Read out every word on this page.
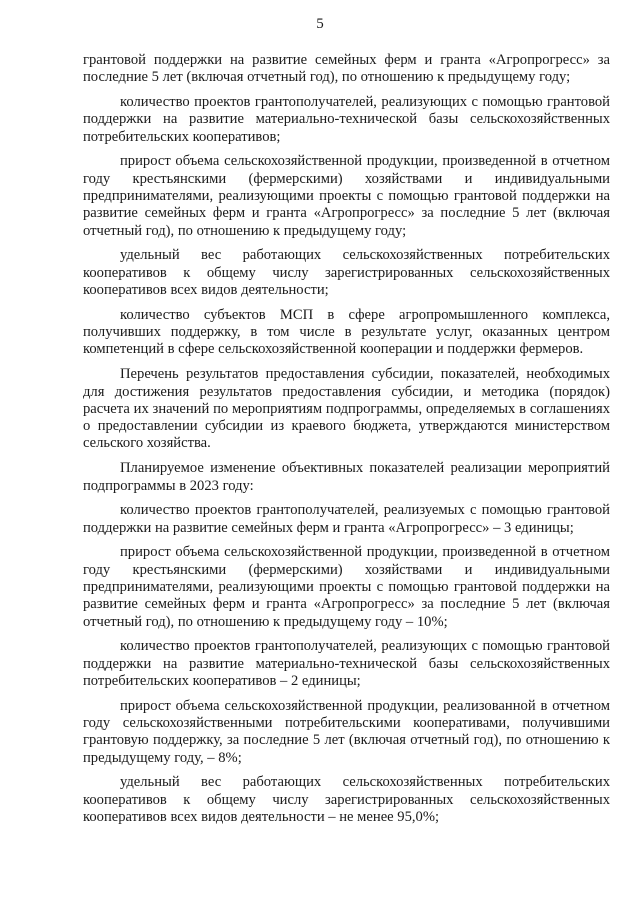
5

грантовой поддержки на развитие семейных ферм и гранта «Агропрогресс» за последние 5 лет (включая отчетный год), по отношению к предыдущему году;

количество проектов грантополучателей, реализующих с помощью грантовой поддержки на развитие материально-технической базы сельскохозяйственных потребительских кооперативов;

прирост объема сельскохозяйственной продукции, произведенной в отчетном году крестьянскими (фермерскими) хозяйствами и индивидуальными предпринимателями, реализующими проекты с помощью грантовой поддержки на развитие семейных ферм и гранта «Агропрогресс» за последние 5 лет (включая отчетный год), по отношению к предыдущему году;

удельный вес работающих сельскохозяйственных потребительских кооперативов к общему числу зарегистрированных сельскохозяйственных кооперативов всех видов деятельности;

количество субъектов МСП в сфере агропромышленного комплекса, получивших поддержку, в том числе в результате услуг, оказанных центром компетенций в сфере сельскохозяйственной кооперации и поддержки фермеров.

Перечень результатов предоставления субсидии, показателей, необходимых для достижения результатов предоставления субсидии, и методика (порядок) расчета их значений по мероприятиям подпрограммы, определяемых в соглашениях о предоставлении субсидии из краевого бюджета, утверждаются министерством сельского хозяйства.

Планируемое изменение объективных показателей реализации мероприятий подпрограммы в 2023 году:

количество проектов грантополучателей, реализуемых с помощью грантовой поддержки на развитие семейных ферм и гранта «Агропрогресс» – 3 единицы;

прирост объема сельскохозяйственной продукции, произведенной в отчетном году крестьянскими (фермерскими) хозяйствами и индивидуальными предпринимателями, реализующими проекты с помощью грантовой поддержки на развитие семейных ферм и гранта «Агропрогресс» за последние 5 лет (включая отчетный год), по отношению к предыдущему году – 10%;

количество проектов грантополучателей, реализующих с помощью грантовой поддержки на развитие материально-технической базы сельскохозяйственных потребительских кооперативов – 2 единицы;

прирост объема сельскохозяйственной продукции, реализованной в отчетном году сельскохозяйственными потребительскими кооперативами, получившими грантовую поддержку, за последние 5 лет (включая отчетный год), по отношению к предыдущему году, – 8%;

удельный вес работающих сельскохозяйственных потребительских кооперативов к общему числу зарегистрированных сельскохозяйственных кооперативов всех видов деятельности – не менее 95,0%;
